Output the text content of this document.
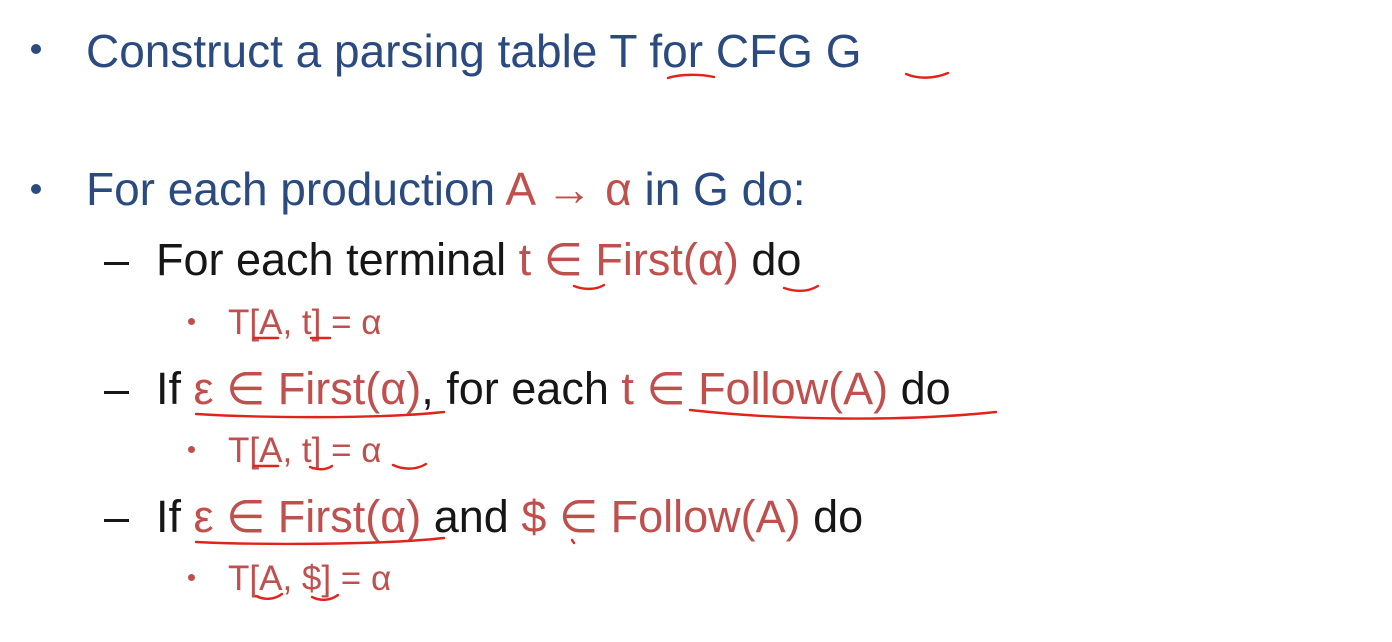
Construct a parsing table T for CFG G
For each production A → α in G do:
– For each terminal t ∈ First(α) do
T[A, t] = α
– If ε ∈ First(α), for each t ∈ Follow(A) do
T[A, t] = α
– If ε ∈ First(α) and $ ∈ Follow(A) do
T[A, $] = α
